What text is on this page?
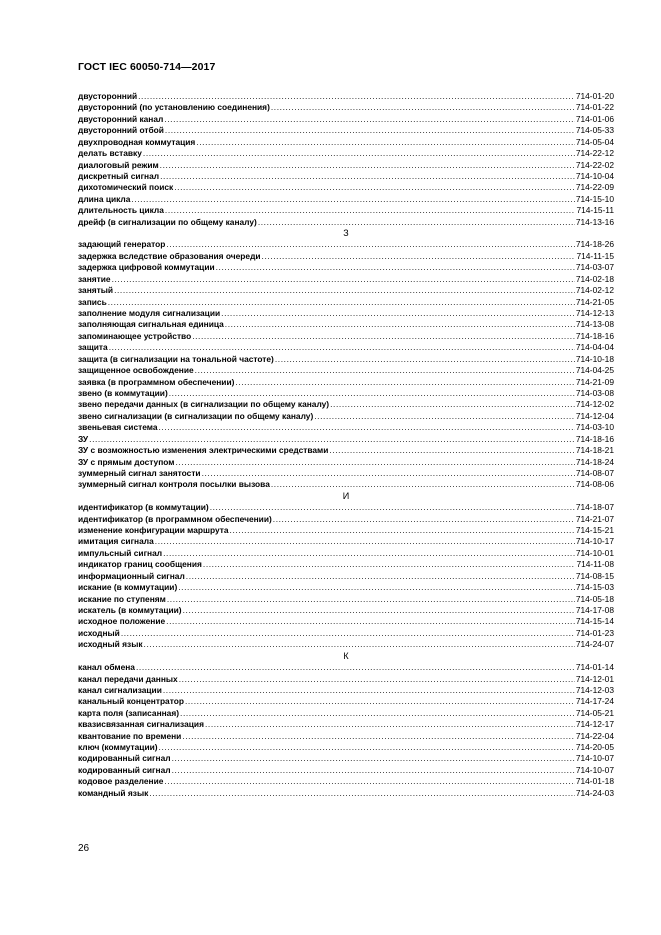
ГОСТ IEC 60050-714—2017
двусторонний .....	714-01-20
двусторонний (по установлению соединения) .....	714-01-22
двусторонний канал .....	714-01-06
двусторонний отбой .....	714-05-33
двухпроводная коммутация .....	714-05-04
делать вставку .....	714-22-12
диалоговый режим .....	714-22-02
дискретный сигнал .....	714-10-04
дихотомический поиск .....	714-22-09
длина цикла .....	714-15-10
длительность цикла .....	714-15-11
дрейф (в сигнализации по общему каналу) .....	714-13-16
З
задающий генератор .....	714-18-26
задержка вследствие образования очереди .....	714-11-15
задержка цифровой коммутации .....	714-03-07
занятие .....	714-02-18
занятый .....	714-02-12
запись .....	714-21-05
заполнение модуля сигнализации .....	714-12-13
заполняющая сигнальная единица .....	714-13-08
запоминающее устройство .....	714-18-16
защита .....	714-04-04
защита (в сигнализации на тональной частоте) .....	714-10-18
защищенное освобождение .....	714-04-25
заявка (в программном обеспечении) .....	714-21-09
звено (в коммутации) .....	714-03-08
звено передачи данных (в сигнализации по общему каналу) .....	714-12-02
звено сигнализации (в сигнализации по общему каналу) .....	714-12-04
звеньевая система .....	714-03-10
ЗУ .....	714-18-16
ЗУ с возможностью изменения электрическими средствами .....	714-18-21
ЗУ с прямым доступом .....	714-18-24
зуммерный сигнал занятости .....	714-08-07
зуммерный сигнал контроля посылки вызова .....	714-08-06
И
идентификатор (в коммутации) .....	714-18-07
идентификатор (в программном обеспечении) .....	714-21-07
изменение конфигурации маршрута .....	714-15-21
имитация сигнала .....	714-10-17
импульсный сигнал .....	714-10-01
индикатор границ сообщения .....	714-11-08
информационный сигнал .....	714-08-15
искание (в коммутации) .....	714-15-03
искание по ступеням .....	714-05-18
искатель (в коммутации) .....	714-17-08
исходное положение .....	714-15-14
исходный .....	714-01-23
исходный язык .....	714-24-07
К
канал обмена .....	714-01-14
канал передачи данных .....	714-12-01
канал сигнализации .....	714-12-03
канальный концентратор .....	714-17-24
карта поля (записанная) .....	714-05-21
квазисвязанная сигнализация .....	714-12-17
квантование по времени .....	714-22-04
ключ (коммутации) .....	714-20-05
кодированный сигнал .....	714-10-07
кодированный сигнал .....	714-10-07
кодовое разделение .....	714-01-18
командный язык .....	714-24-03
26
